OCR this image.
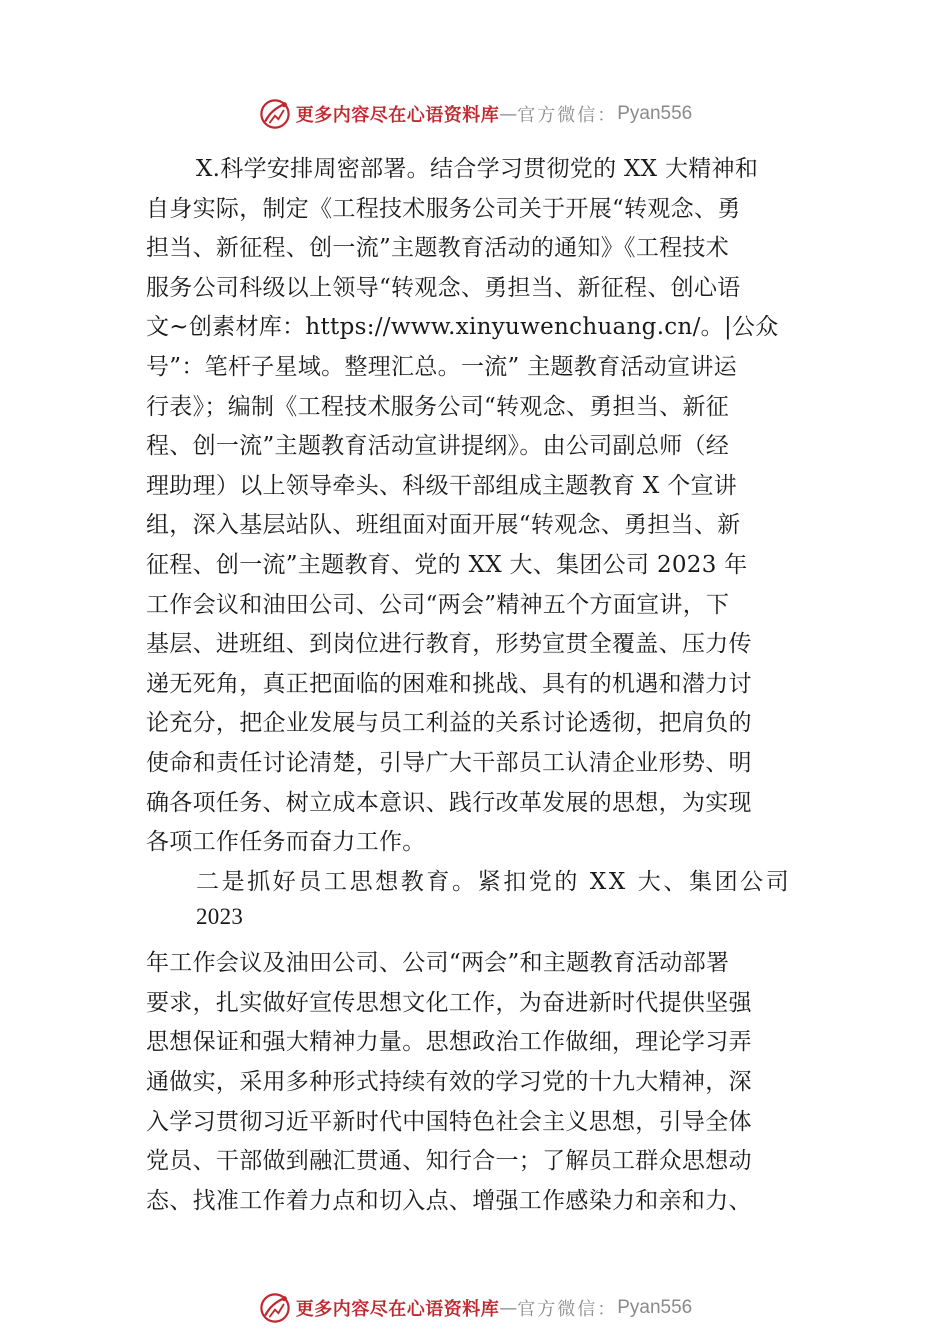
更多内容尽在心语资料库 — 官方微信： Pyan556
X.科学安排周密部署。结合学习贯彻党的 XX 大精神和
自身实际，制定《工程技术服务公司关于开展“转观念、勇
担当、新征程、创一流”主题教育活动的通知》《工程技术
服务公司科级以上领导“转观念、勇担当、新征程、创心语
文~创素材库：https://www.xinyuwenchuang.cn/。|公众
号”：笔杆子星域。整理汇总。一流” 主题教育活动宣讲运
行表》；编制《工程技术服务公司“转观念、勇担当、新征
程、创一流”主题教育活动宣讲提纲》。由公司副总师（经
理助理）以上领导牵头、科级干部组成主题教育 X 个宣讲
组，深入基层站队、班组面对面开展“转观念、勇担当、新
征程、创一流”主题教育、党的 XX 大、集团公司 2023 年
工作会议和油田公司、公司“两会”精神五个方面宣讲，下
基层、进班组、到岗位进行教育，形势宣贯全覆盖、压力传
递无死角，真正把面临的困难和挑战、具有的机遇和潜力讨
论充分，把企业发展与员工利益的关系讨论透彻，把肩负的
使命和责任讨论清楚，引导广大干部员工认清企业形势、明
确各项任务、树立成本意识、践行改革发展的思想，为实现
各项工作任务而奋力工作。
二是抓好员工思想教育。紧扣党的 XX 大、集团公司
2023
年工作会议及油田公司、公司“两会”和主题教育活动部署
要求，扎实做好宣传思想文化工作，为奋进新时代提供坚强
思想保证和强大精神力量。思想政治工作做细，理论学习弄
通做实，采用多种形式持续有效的学习党的十九大精神，深
入学习贯彻习近平新时代中国特色社会主义思想，引导全体
党员、干部做到融汇贯通、知行合一；了解员工群众思想动
态、找准工作着力点和切入点、增强工作感染力和亲和力、
更多内容尽在心语资料库 — 官方微信： Pyan556
